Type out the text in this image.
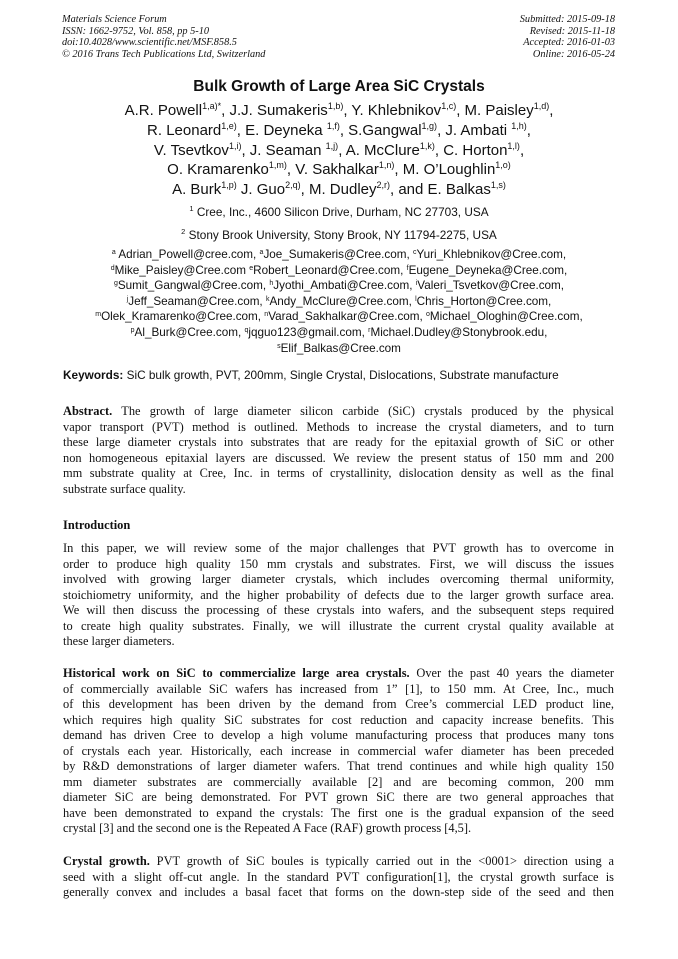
Materials Science Forum
ISSN: 1662-9752, Vol. 858, pp 5-10
doi:10.4028/www.scientific.net/MSF.858.5
© 2016 Trans Tech Publications Ltd, Switzerland
Submitted: 2015-09-18
Revised: 2015-11-18
Accepted: 2016-01-03
Online: 2016-05-24
Bulk Growth of Large Area SiC Crystals
A.R. Powell$^{1,a)*}$, J.J. Sumakeris$^{1,b)}$, Y. Khlebnikov$^{1,c)}$, M. Paisley$^{1,d)}$,
R. Leonard$^{1,e)}$, E. Deyneka $^{1,f)}$, S.Gangwal$^{1,g)}$, J. Ambati $^{1,h)}$,
V. Tsevtkov$^{1,i)}$, J. Seaman $^{1,j)}$, A. McClure$^{1,k)}$, C. Horton$^{1,l)}$,
O. Kramarenko$^{1,m)}$, V. Sakhalkar$^{1,n)}$, M. O’Loughlin$^{1,o)}$
A. Burk$^{1,p)}$ J. Guo$^{2,q)}$, M. Dudley$^{2,r)}$, and E. Balkas$^{1,s)}$
$^1$ Cree, Inc., 4600 Silicon Drive, Durham, NC 27703, USA
$^2$ Stony Brook University, Stony Brook, NY 11794-2275, USA
$^a$ Adrian_Powell@cree.com, $^a$Joe_Sumakeris@Cree.com, $^c$Yuri_Khlebnikov@Cree.com,
$^d$Mike_Paisley@Cree.com $^e$Robert_Leonard@Cree.com, $^f$Eugene_Deyneka@Cree.com,
$^g$Sumit_Gangwal@Cree.com, $^h$Jyothi_Ambati@Cree.com, $^i$Valeri_Tsvetkov@Cree.com,
$^j$Jeff_Seaman@Cree.com, $^k$Andy_McClure@Cree.com, $^l$Chris_Horton@Cree.com,
$^m$Olek_Kramarenko@Cree.com, $^n$Varad_Sakhalkar@Cree.com, $^o$Michael_Ologhin@Cree.com,
$^p$Al_Burk@Cree.com, $^q$jqguo123@gmail.com, $^r$Michael.Dudley@Stonybrook.edu,
$^s$Elif_Balkas@Cree.com
Keywords: SiC bulk growth, PVT, 200mm, Single Crystal, Dislocations, Substrate manufacture
Abstract. The growth of large diameter silicon carbide (SiC) crystals produced by the physical
vapor transport (PVT) method is outlined. Methods to increase the crystal diameters, and to turn
these large diameter crystals into substrates that are ready for the epitaxial growth of SiC or other
non homogeneous epitaxial layers are discussed. We review the present status of 150 mm and 200
mm substrate quality at Cree, Inc. in terms of crystallinity, dislocation density as well as the final
substrate surface quality.
Introduction
In this paper, we will review some of the major challenges that PVT growth has to overcome in
order to produce high quality 150 mm crystals and substrates. First, we will discuss the issues
involved with growing larger diameter crystals, which includes overcoming thermal uniformity,
stoichiometry uniformity, and the higher probability of defects due to the larger growth surface area.
We will then discuss the processing of these crystals into wafers, and the subsequent steps required
to create high quality substrates. Finally, we will illustrate the current crystal quality available at
these larger diameters.
Historical work on SiC to commercialize large area crystals. Over the past 40 years the diameter
of commercially available SiC wafers has increased from 1” [1], to 150 mm. At Cree, Inc., much
of this development has been driven by the demand from Cree’s commercial LED product line,
which requires high quality SiC substrates for cost reduction and capacity increase benefits. This
demand has driven Cree to develop a high volume manufacturing process that produces many tons
of crystals each year. Historically, each increase in commercial wafer diameter has been preceded
by R&D demonstrations of larger diameter wafers. That trend continues and while high quality 150
mm diameter substrates are commercially available [2] and are becoming common, 200 mm
diameter SiC are being demonstrated. For PVT grown SiC there are two general approaches that
have been demonstrated to expand the crystals: The first one is the gradual expansion of the seed
crystal [3] and the second one is the Repeated A Face (RAF) growth process [4,5].
Crystal growth. PVT growth of SiC boules is typically carried out in the <0001> direction using a
seed with a slight off-cut angle. In the standard PVT configuration[1], the crystal growth surface is
generally convex and includes a basal facet that forms on the down-step side of the seed and then
